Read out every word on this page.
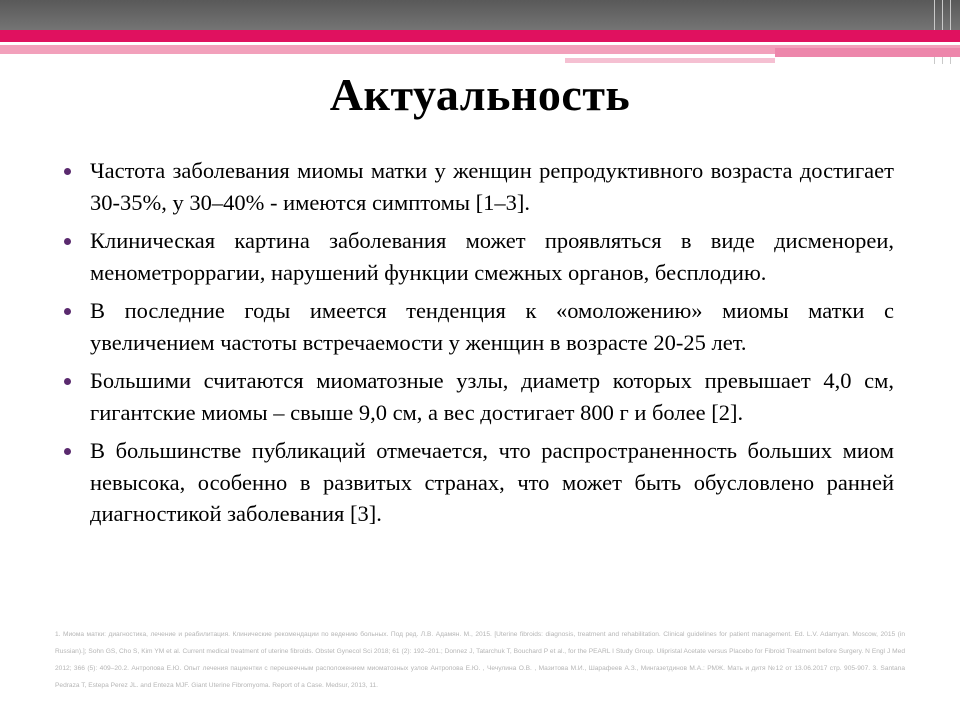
Актуальность
Частота заболевания миомы матки у женщин репродуктивного возраста достигает 30-35%, у 30–40% - имеются симптомы [1–3].
Клиническая картина заболевания может проявляться в виде дисменореи, менометроррагии, нарушений функции смежных органов, бесплодию.
В последние годы имеется тенденция к «омоложению» миомы матки с увеличением частоты встречаемости у женщин в возрасте 20-25 лет.
Большими считаются миоматозные узлы, диаметр которых превышает 4,0 см, гигантские миомы – свыше 9,0 см, а вес достигает 800 г и более [2].
В большинстве публикаций отмечается, что распространенность больших миом невысока, особенно в развитых странах, что может быть обусловлено ранней диагностикой заболевания [3].
1. Миома матки: диагностика, лечение и реабилитация. Клинические рекомендации по ведению больных. Под ред. Л.В. Адамян. М., 2015. [Uterine fibroids: diagnosis, treatment and rehabilitation. Clinical guidelines for patient management. Ed. L.V. Adamyan. Moscow, 2015 (in Russian).]; Sohn GS, Cho S, Kim YM et al. Current medical treatment of uterine fibroids. Obstet Gynecol Sci 2018; 61 (2): 192–201.; Donnez J, Tatarchuk T, Bouchard P et al., for the PEARL I Study Group. Ulipristal Acetate versus Placebo for Fibroid Treatment before Surgery. N Engl J Med 2012; 366 (5): 409–20.2. Антропова Е.Ю. Опыт лечения пациентки с перешеечным расположением миоматозных узлов Антропова Е.Ю. , Чечулина О.В. , Мазитова М.И., Шарафеев А.З., Мингазетдинов М.А.: РМЖ. Мать и дитя №12 от 13.06.2017 стр. 905-907. 3. Santana Pedraza T, Estepa Perez JL. and Enteza MJF. Giant Uterine Fibromyoma. Report of a Case. Medsur, 2013, 11.
